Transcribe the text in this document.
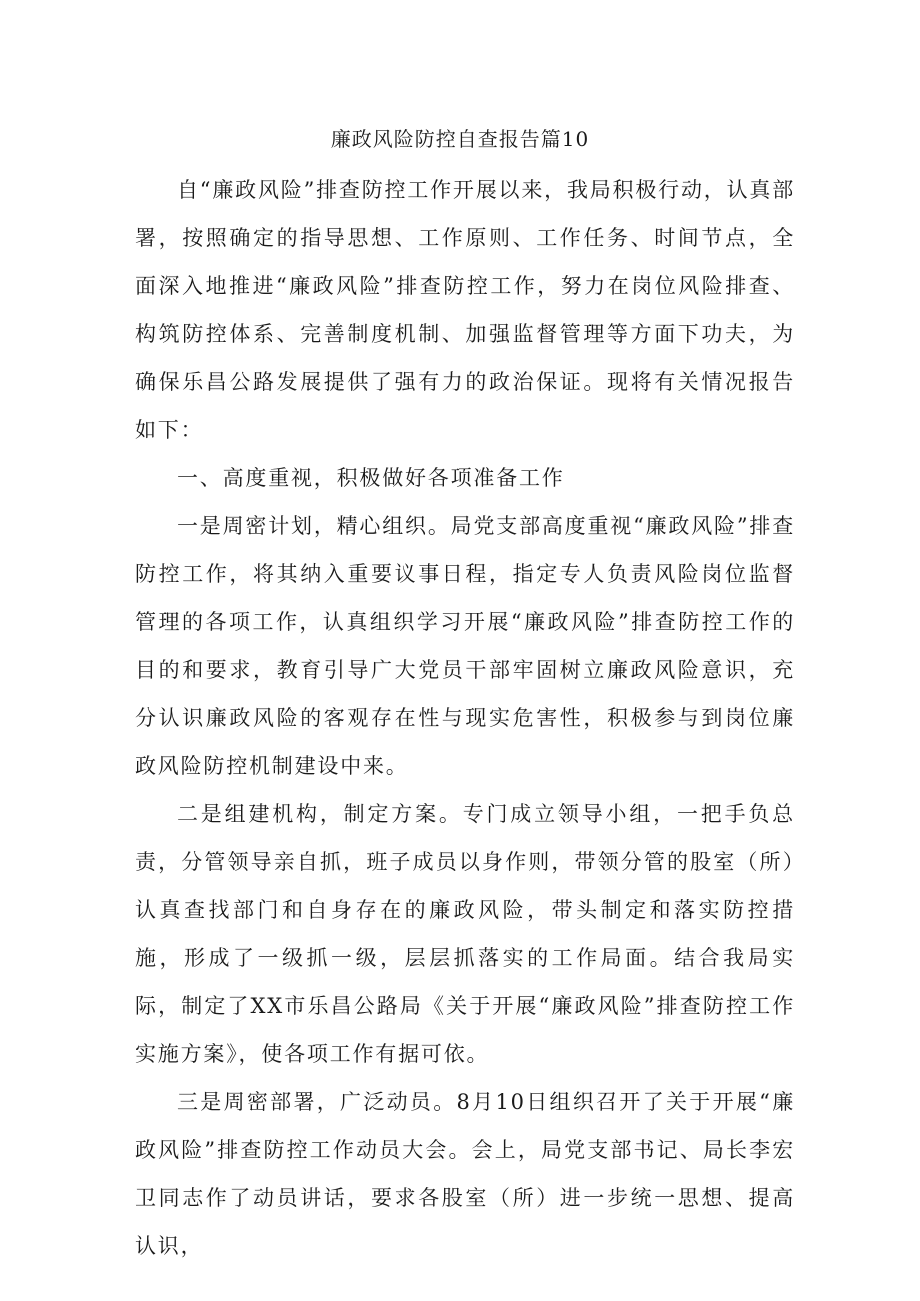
廉政风险防控自查报告篇10

自“廉政风险”排查防控工作开展以来，我局积极行动，认真部署，按照确定的指导思想、工作原则、工作任务、时间节点，全面深入地推进“廉政风险”排查防控工作，努力在岗位风险排查、构筑防控体系、完善制度机制、加强监督管理等方面下功夫，为确保乐昌公路发展提供了强有力的政治保证。现将有关情况报告如下：

一、高度重视，积极做好各项准备工作

一是周密计划，精心组织。局党支部高度重视“廉政风险”排查防控工作，将其纳入重要议事日程，指定专人负责风险岗位监督管理的各项工作，认真组织学习开展“廉政风险”排查防控工作的目的和要求，教育引导广大党员干部牢固树立廉政风险意识，充分认识廉政风险的客观存在性与现实危害性，积极参与到岗位廉政风险防控机制建设中来。

二是组建机构，制定方案。专门成立领导小组，一把手负总责，分管领导亲自抓，班子成员以身作则，带领分管的股室（所）认真查找部门和自身存在的廉政风险，带头制定和落实防控措施，形成了一级抓一级，层层抓落实的工作局面。结合我局实际，制定了XX市乐昌公路局《关于开展“廉政风险”排查防控工作实施方案》，使各项工作有据可依。

三是周密部署，广泛动员。8月10日组织召开了关于开展“廉政风险”排查防控工作动员大会。会上，局党支部书记、局长李宏卫同志作了动员讲话，要求各股室（所）进一步统一思想、提高认识，
